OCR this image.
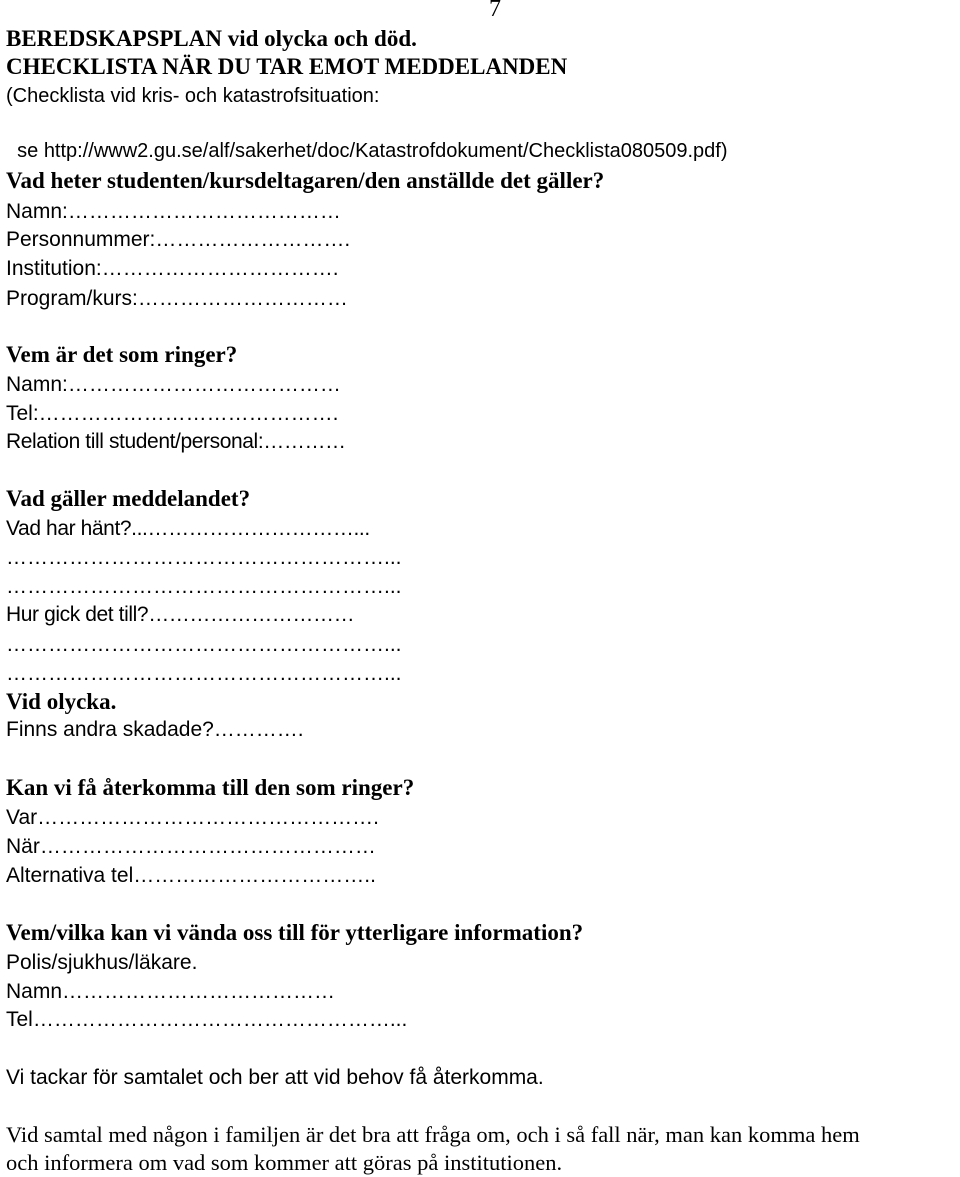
7
BEREDSKAPSPLAN vid olycka och död.
CHECKLISTA NÄR DU TAR EMOT MEDDELANDEN
(Checklista vid kris- och katastrofsituation:

se http://www2.gu.se/alf/sakerhet/doc/Katastrofdokument/Checklista080509.pdf)

Vad heter studenten/kursdeltagaren/den anställde det gäller?
Namn:…………………………………
Personnummer:……………………….
Institution:…………………………….
Program/kurs:…………………………
Vem är det som ringer?
Namn:…………………………………
Tel:…………………………………….
Relation till student/personal:…………
Vad gäller meddelandet?
Vad har hänt?...…………………………...
………………………………………………...
………………………………………………...
Hur gick det till?…………………………
………………………………………………...
………………………………………………...
Vid olycka.
Finns andra skadade?………….
Kan vi få återkomma till den som ringer?
Var………………………………………….
När…………………………………………
Alternativa tel……………………………..
Vem/vilka kan vi vända oss till för ytterligare information?
Polis/sjukhus/läkare.
Namn…………………………………
Tel……………………………………………...
Vi tackar för samtalet och ber att vid behov få återkomma.
Vid samtal med någon i familjen är det bra att fråga om, och i så fall när, man kan komma hem
och informera om vad som kommer att göras på institutionen.
